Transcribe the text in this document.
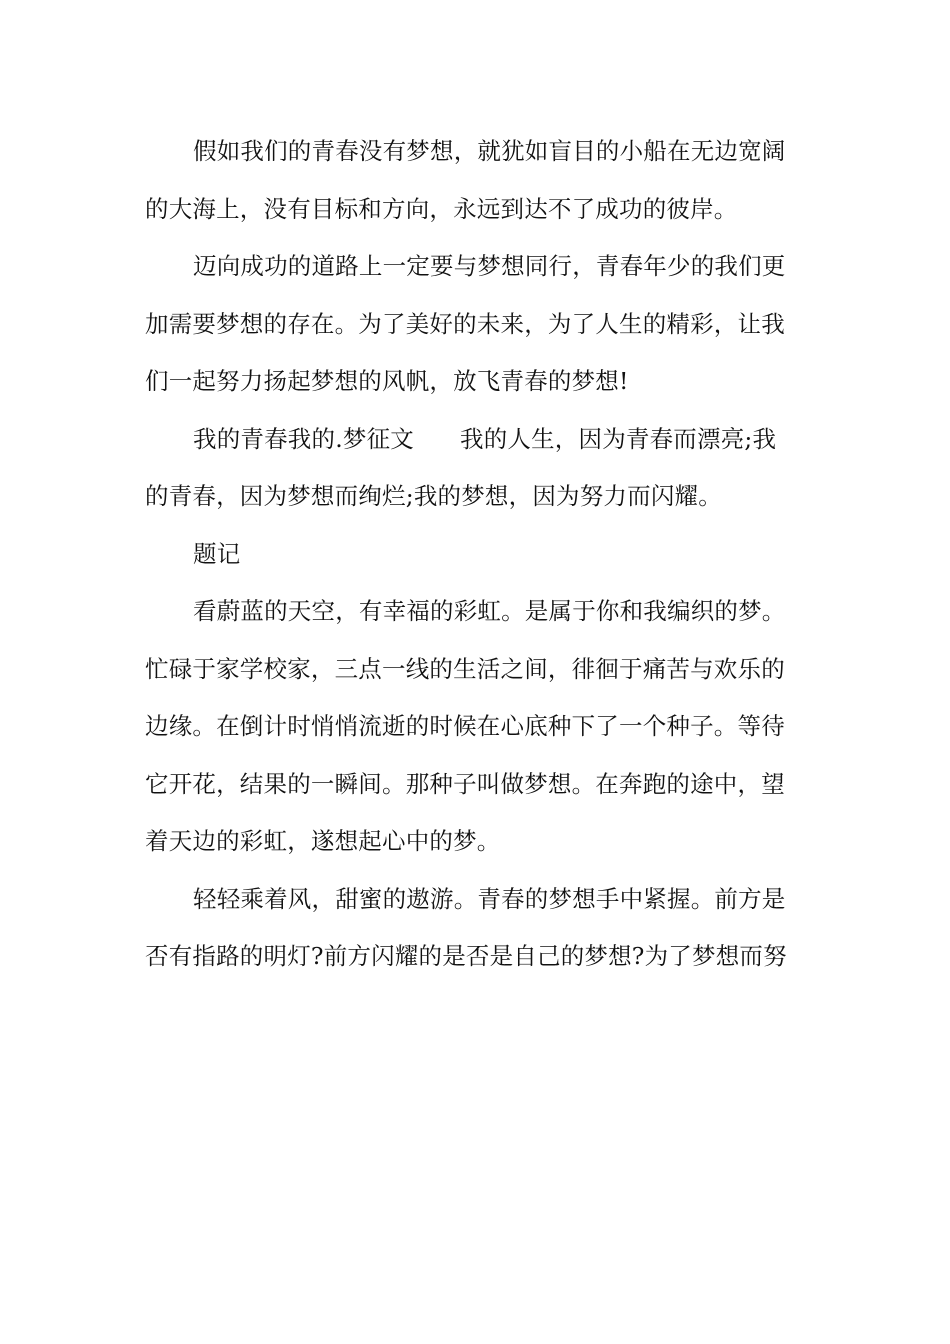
假如我们的青春没有梦想，就犹如盲目的小船在无边宽阔
的大海上，没有目标和方向，永远到达不了成功的彼岸。
迈向成功的道路上一定要与梦想同行，青春年少的我们更
加需要梦想的存在。为了美好的未来，为了人生的精彩，让我
们一起努力扬起梦想的风帆，放飞青春的梦想!
我的青春我的.梦征文      我的人生，因为青春而漂亮;我
的青春，因为梦想而绚烂;我的梦想，因为努力而闪耀。
题记
看蔚蓝的天空，有幸福的彩虹。是属于你和我编织的梦。
忙碌于家学校家，三点一线的生活之间，徘徊于痛苦与欢乐的
边缘。在倒计时悄悄流逝的时候在心底种下了一个种子。等待
它开花，结果的一瞬间。那种子叫做梦想。在奔跑的途中，望
着天边的彩虹，遂想起心中的梦。
轻轻乘着风，甜蜜的遨游。青春的梦想手中紧握。前方是
否有指路的明灯?前方闪耀的是否是自己的梦想?为了梦想而努
